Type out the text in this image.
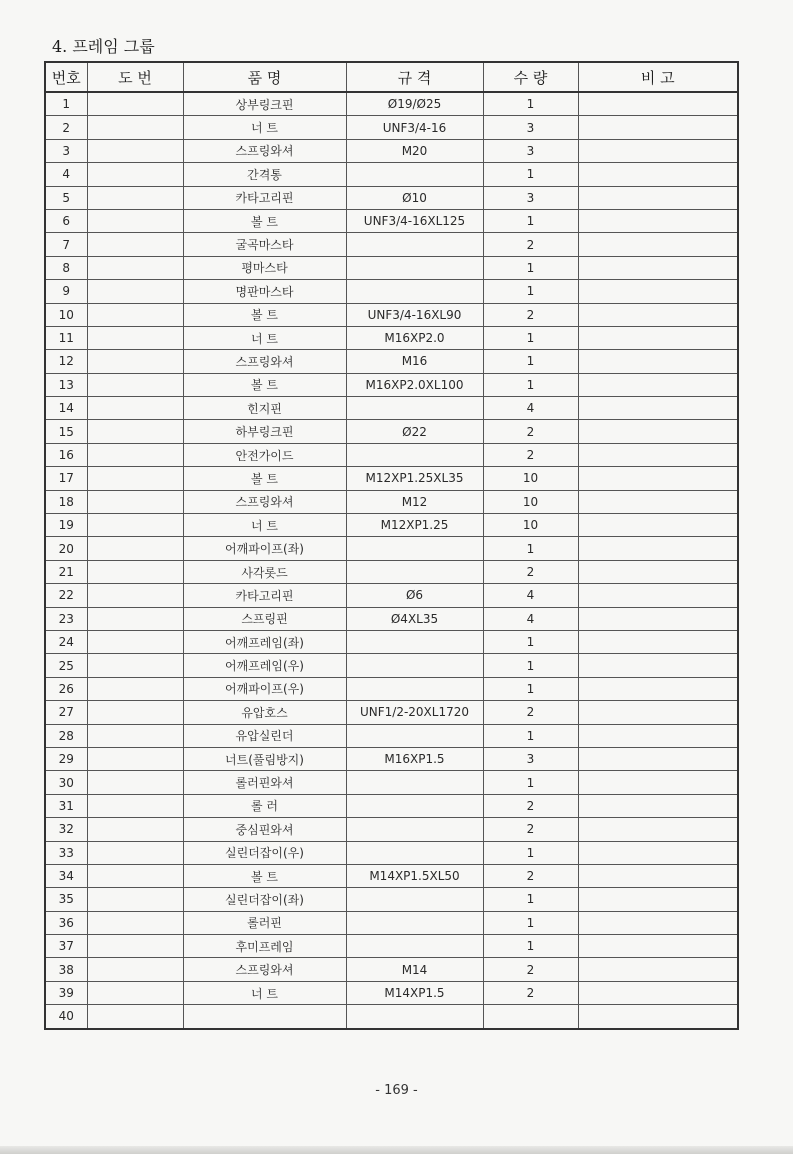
4. 프레임 그룹
번호	도 번	품 명	규 격	수 량	비 고
1		상부링크핀	Ø19/Ø25	1	
2		너 트	UNF3/4-16	3	
3		스프링와셔	M20	3	
4		간격통		1	
5		카타고리핀	Ø10	3	
6		볼 트	UNF3/4-16XL125	1	
7		굴곡마스타		2	
8		평마스타		1	
9		명판마스타		1	
10		볼 트	UNF3/4-16XL90	2	
11		너 트	M16XP2.0	1	
12		스프링와셔	M16	1	
13		볼 트	M16XP2.0XL100	1	
14		힌지핀		4	
15		하부링크핀	Ø22	2	
16		안전가이드		2	
17		볼 트	M12XP1.25XL35	10	
18		스프링와셔	M12	10	
19		너 트	M12XP1.25	10	
20		어깨파이프(좌)		1	
21		사각롯드		2	
22		카타고리핀	Ø6	4	
23		스프링핀	Ø4XL35	4	
24		어깨프레임(좌)		1	
25		어깨프레임(우)		1	
26		어깨파이프(우)		1	
27		유압호스	UNF1/2-20XL1720	2	
28		유압실린더		1	
29		너트(풀림방지)	M16XP1.5	3	
30		롤러핀와셔		1	
31		롤 러		2	
32		중심핀와셔		2	
33		실린더잡이(우)		1	
34		볼 트	M14XP1.5XL50	2	
35		실린더잡이(좌)		1	
36		롤러핀		1	
37		후미프레임		1	
38		스프링와셔	M14	2	
39		너 트	M14XP1.5	2	
40					
- 169 -
